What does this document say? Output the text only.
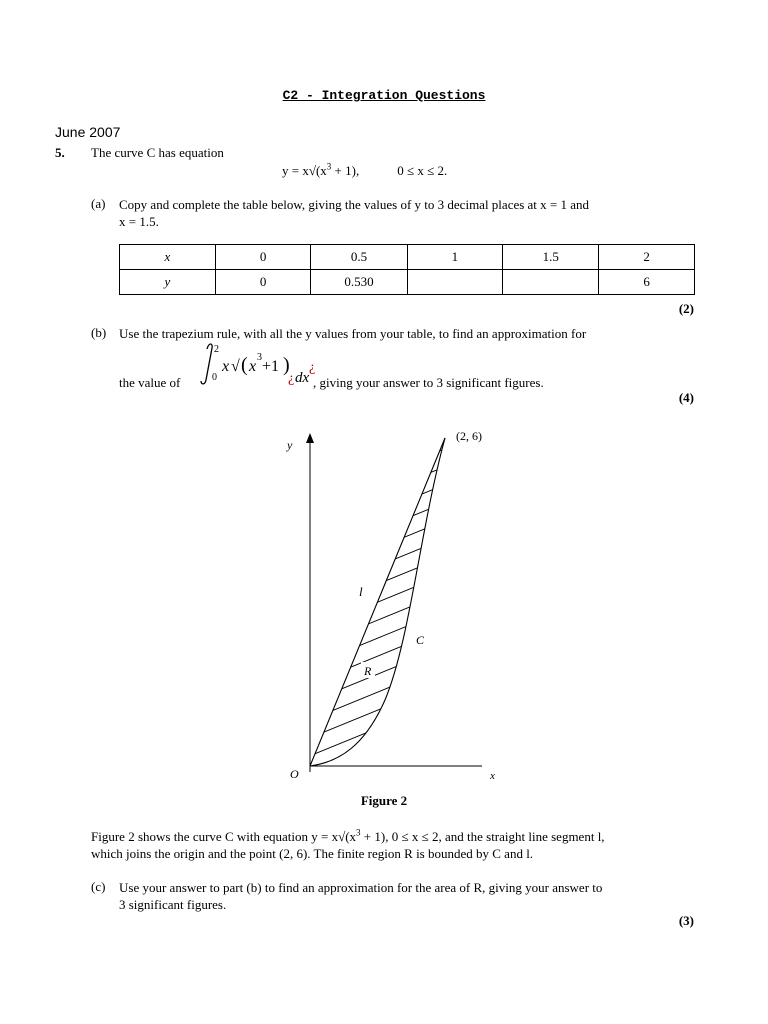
C2 - Integration Questions
June 2007
5. The curve C has equation
$y = x√(x^3 + 1)$,	0 ≤ x ≤ 2.
(a) Copy and complete the table below, giving the values of y to 3 decimal places at x = 1 and
x = 1.5.
x	0	0.5	1	1.5	2
y	0	0.530			6
(2)
(b) Use the trapezium rule, with all the y values from your table, to find an approximation for
the value of
2
0
x √ ( x
3
+1 )
¿ dx
¿
, giving your answer to 3 significant figures.
(4)
(2, 6)
y
x
O
l
C
R
Figure 2
Figure 2 shows the curve C with equation $y = x√(x^3 + 1)$, 0 ≤ x ≤ 2, and the straight line segment l,
which joins the origin and the point (2, 6). The finite region R is bounded by C and l.
(c) Use your answer to part (b) to find an approximation for the area of R, giving your answer to
3 significant figures.
(3)
